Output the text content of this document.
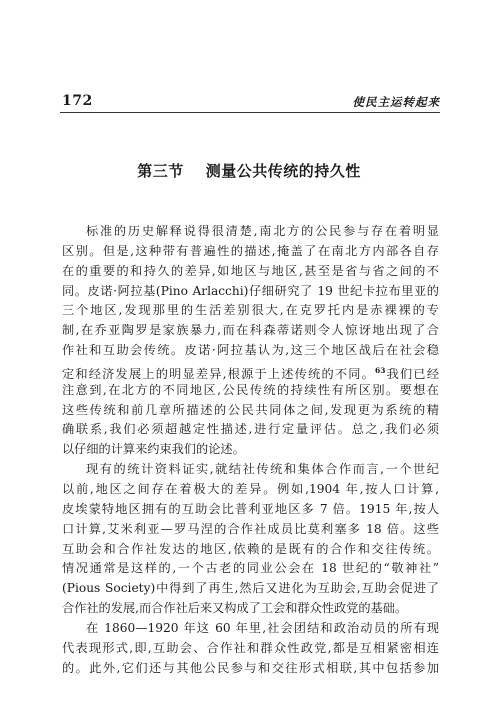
172	使民主运转起来
第三节 测量公共传统的持久性
标准的历史解释说得很清楚,南北方的公民参与存在着明显
区别。但是,这种带有普遍性的描述,掩盖了在南北方内部各自存
在的重要的和持久的差异,如地区与地区,甚至是省与省之间的不
同。皮诺·阿拉基(Pino Arlacchi)仔细研究了 19 世纪卡拉布里亚的
三个地区,发现那里的生活差别很大,在克罗托内是赤裸裸的专
制,在乔亚陶罗是家族暴力,而在科森蒂诺则令人惊讶地出现了合
作社和互助会传统。皮诺·阿拉基认为,这三个地区战后在社会稳
定和经济发展上的明显差异,根源于上述传统的不同。$^{63}$我们已经
注意到,在北方的不同地区,公民传统的持续性有所区别。要想在
这些传统和前几章所描述的公民共同体之间,发现更为系统的精
确联系,我们必须超越定性描述,进行定量评估。总之,我们必须
以仔细的计算来约束我们的论述。
现有的统计资料证实,就结社传统和集体合作而言,一个世纪
以前,地区之间存在着极大的差异。例如,1904 年,按人口计算,
皮埃蒙特地区拥有的互助会比普利亚地区多 7 倍。1915 年,按人
口计算,艾米利亚—罗马涅的合作社成员比莫利塞多 18 倍。这些
互助会和合作社发达的地区,依赖的是既有的合作和交往传统。
情况通常是这样的,一个古老的同业公会在 18 世纪的“敬神社”
(Pious Society)中得到了再生,然后又进化为互助会,互助会促进了
合作社的发展,而合作社后来又构成了工会和群众性政党的基础。
在 1860—1920 年这 60 年里,社会团结和政治动员的所有现
代表现形式,即,互助会、合作社和群众性政党,都是互相紧密相连
的。此外,它们还与其他公民参与和交往形式相联,其中包括参加
